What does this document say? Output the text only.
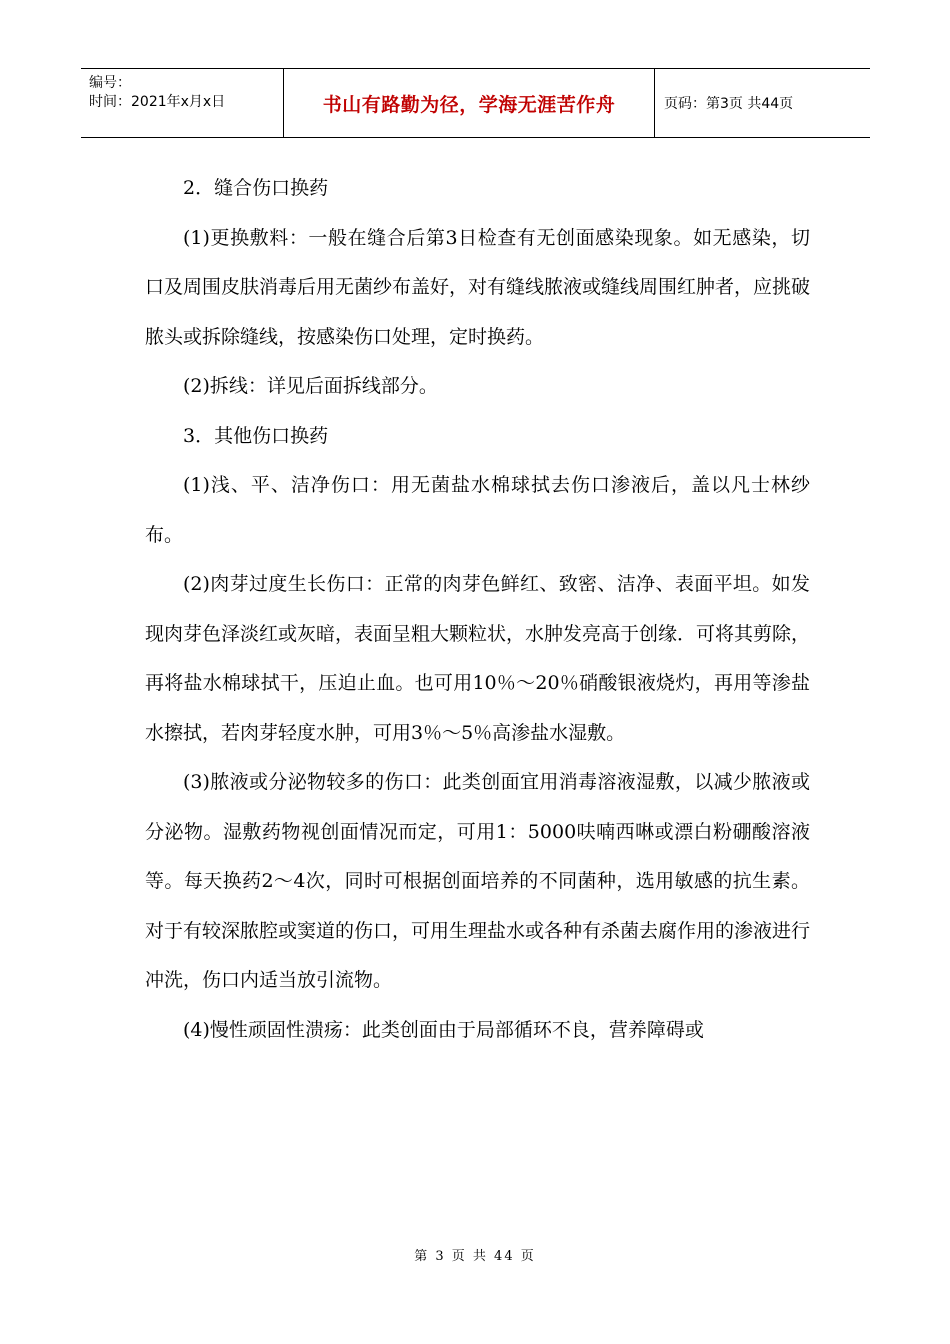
编号：
时间：2021年x月x日	书山有路勤为径，学海无涯苦作舟	页码：第3页 共44页

2．缝合伤口换药

(1)更换敷料：一般在缝合后第3日检查有无创面感染现象。如无感染，切口及周围皮肤消毒后用无菌纱布盖好，对有缝线脓液或缝线周围红肿者，应挑破脓头或拆除缝线，按感染伤口处理，定时换药。

(2)拆线：详见后面拆线部分。

3．其他伤口换药

(1)浅、平、洁净伤口：用无菌盐水棉球拭去伤口渗液后，盖以凡士林纱布。

(2)肉芽过度生长伤口：正常的肉芽色鲜红、致密、洁净、表面平坦。如发现肉芽色泽淡红或灰暗，表面呈粗大颗粒状，水肿发亮高于创缘．可将其剪除，再将盐水棉球拭干，压迫止血。也可用10％～20％硝酸银液烧灼，再用等渗盐水擦拭，若肉芽轻度水肿，可用3％～5％高渗盐水湿敷。

(3)脓液或分泌物较多的伤口：此类创面宜用消毒溶液湿敷，以减少脓液或分泌物。湿敷药物视创面情况而定，可用1：5000呋喃西啉或漂白粉硼酸溶液等。每天换药2～4次，同时可根据创面培养的不同菌种，选用敏感的抗生素。对于有较深脓腔或窦道的伤口，可用生理盐水或各种有杀菌去腐作用的渗液进行冲洗，伤口内适当放引流物。

(4)慢性顽固性溃疡：此类创面由于局部循环不良，营养障碍或

第 3 页 共 44 页
